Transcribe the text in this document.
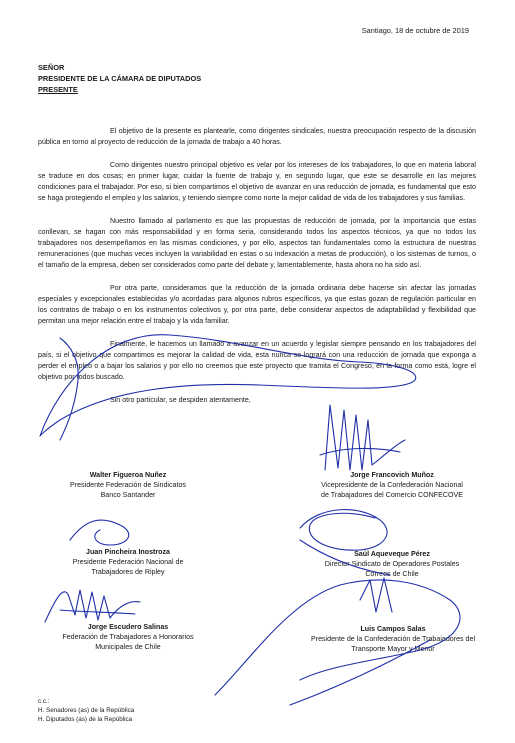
Santiago, 18 de octubre de 2019
SEÑOR
PRESIDENTE DE LA CÁMARA DE DIPUTADOS
PRESENTE

El objetivo de la presente es plantearle, como dirigentes sindicales, nuestra preocupación respecto de la discusión pública en torno al proyecto de reducción de la jornada de trabajo a 40 horas.

Como dirigentes nuestro principal objetivo es velar por los intereses de los trabajadores, lo que en materia laboral se traduce en dos cosas; en primer lugar, cuidar la fuente de trabajo y, en segundo lugar, que este se desarrolle en las mejores condiciones para el trabajador. Por eso, si bien compartimos el objetivo de avanzar en una reducción de jornada, es fundamental que esto se haga protegiendo el empleo y los salarios, y teniendo siempre como norte la mejor calidad de vida de los trabajadores y sus familias.

Nuestro llamado al parlamento es que las propuestas de reducción de jornada, por la importancia que estas conllevan, se hagan con más responsabilidad y en forma seria, considerando todos los aspectos técnicos, ya que no todos los trabajadores nos desempeñamos en las mismas condiciones, y por ello, aspectos tan fundamentales como la estructura de nuestras remuneraciones (que muchas veces incluyen la variabilidad en estas o su indexación a metas de producción), o los sistemas de turnos, o el tamaño de la empresa, deben ser considerados como parte del debate y, lamentablemente, hasta ahora no ha sido así.

Por otra parte, consideramos que la reducción de la jornada ordinaria debe hacerse sin afectar las jornadas especiales y excepcionales establecidas y/o acordadas para algunos rubros específicos, ya que estas gozan de regulación particular en los contratos de trabajo o en los instrumentos colectivos y, por otra parte, debe considerar aspectos de adaptabilidad y flexibilidad que permitan una mejor relación entre el trabajo y la vida familiar.

Finalmente, le hacemos un llamado a avanzar en un acuerdo y legislar siempre pensando en los trabajadores del país, si el objetivo que compartimos es mejorar la calidad de vida, esta nunca se logrará con una reducción de jornada que exponga a perder el empleo o a bajar los salarios y por ello no creemos que este proyecto que tramita el Congreso, en la forma como está, logre el objetivo por todos buscado.

Sin otro particular, se despiden atentamente,

Walter Figueroa Nuñez
Presidente Federación de Sindicatos
Banco Santander
Jorge Francovich Muñoz
Vicepresidente de la Confederación Nacional
de Trabajadores del Comercio CONFECOVE
Juan Pincheira Inostroza
Presidente Federación Nacional de
Trabajadores de Ripley
Saúl Aqueveque Pérez
Director Sindicato de Operadores Postales
Correos de Chile
Jorge Escudero Salinas
Federación de Trabajadores a Honorarios
Municipales de Chile
Luis Campos Salas
Presidente de la Confederación de Trabajadores del
Transporte Mayor y Menor
c.c.:
H. Senadores (as) de la República
H. Diputados (as) de la República
